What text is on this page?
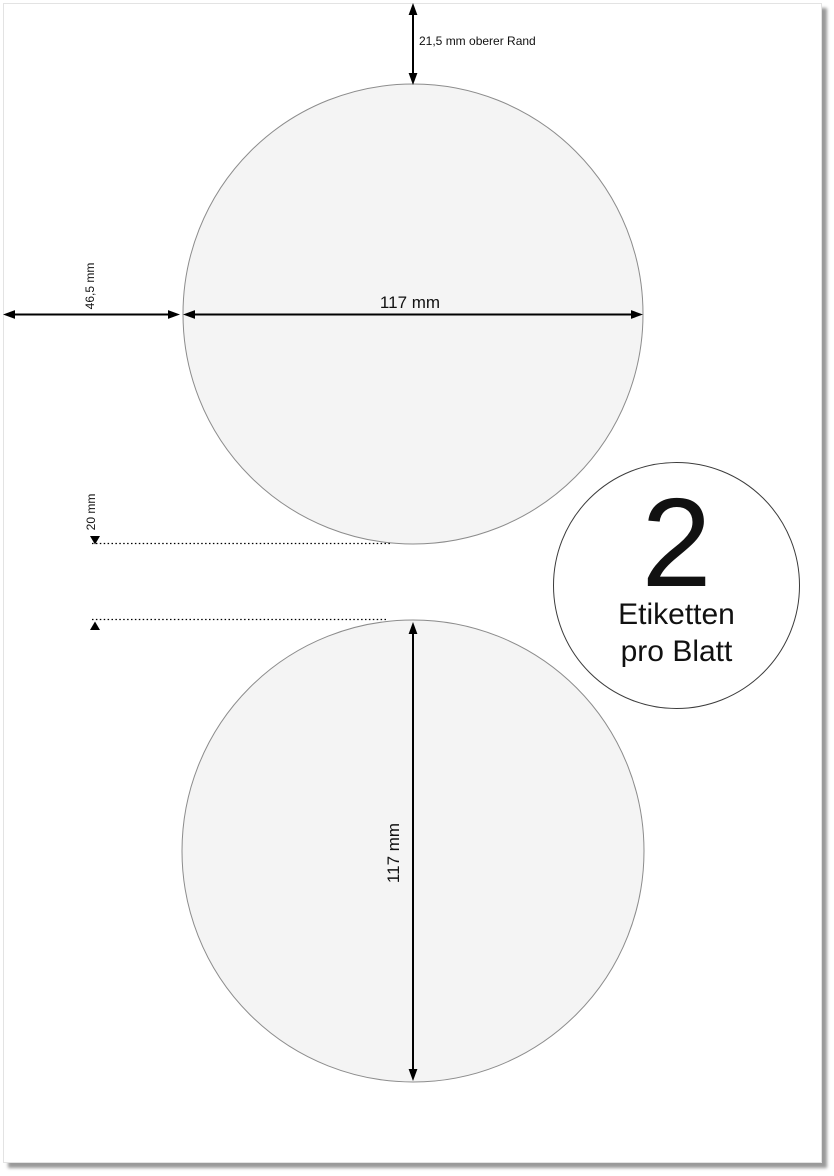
21,5 mm oberer Rand
46,5 mm
20 mm
117 mm
117 mm
2
Etiketten
pro Blatt
